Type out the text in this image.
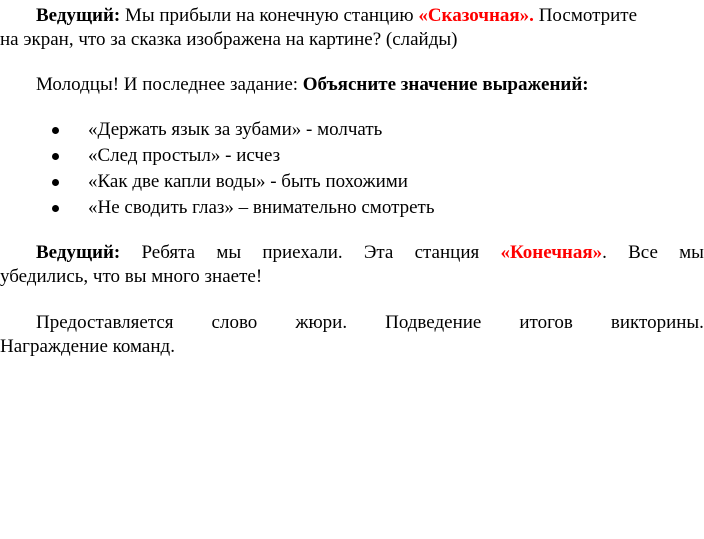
Ведущий: Мы прибыли на конечную станцию «Сказочная». Посмотрите
на экран, что за сказка изображена на картине? (слайды)
Молодцы! И последнее задание: Объясните значение выражений:
«Держать язык за зубами» - молчать
«След простыл» - исчез
«Как две капли воды» - быть похожими
«Не сводить глаз» – внимательно смотреть
Ведущий: Ребята мы приехали. Эта станция «Конечная». Все мы
убедились, что вы много знаете!
Предоставляется слово жюри. Подведение итогов викторины.
Награждение команд.
